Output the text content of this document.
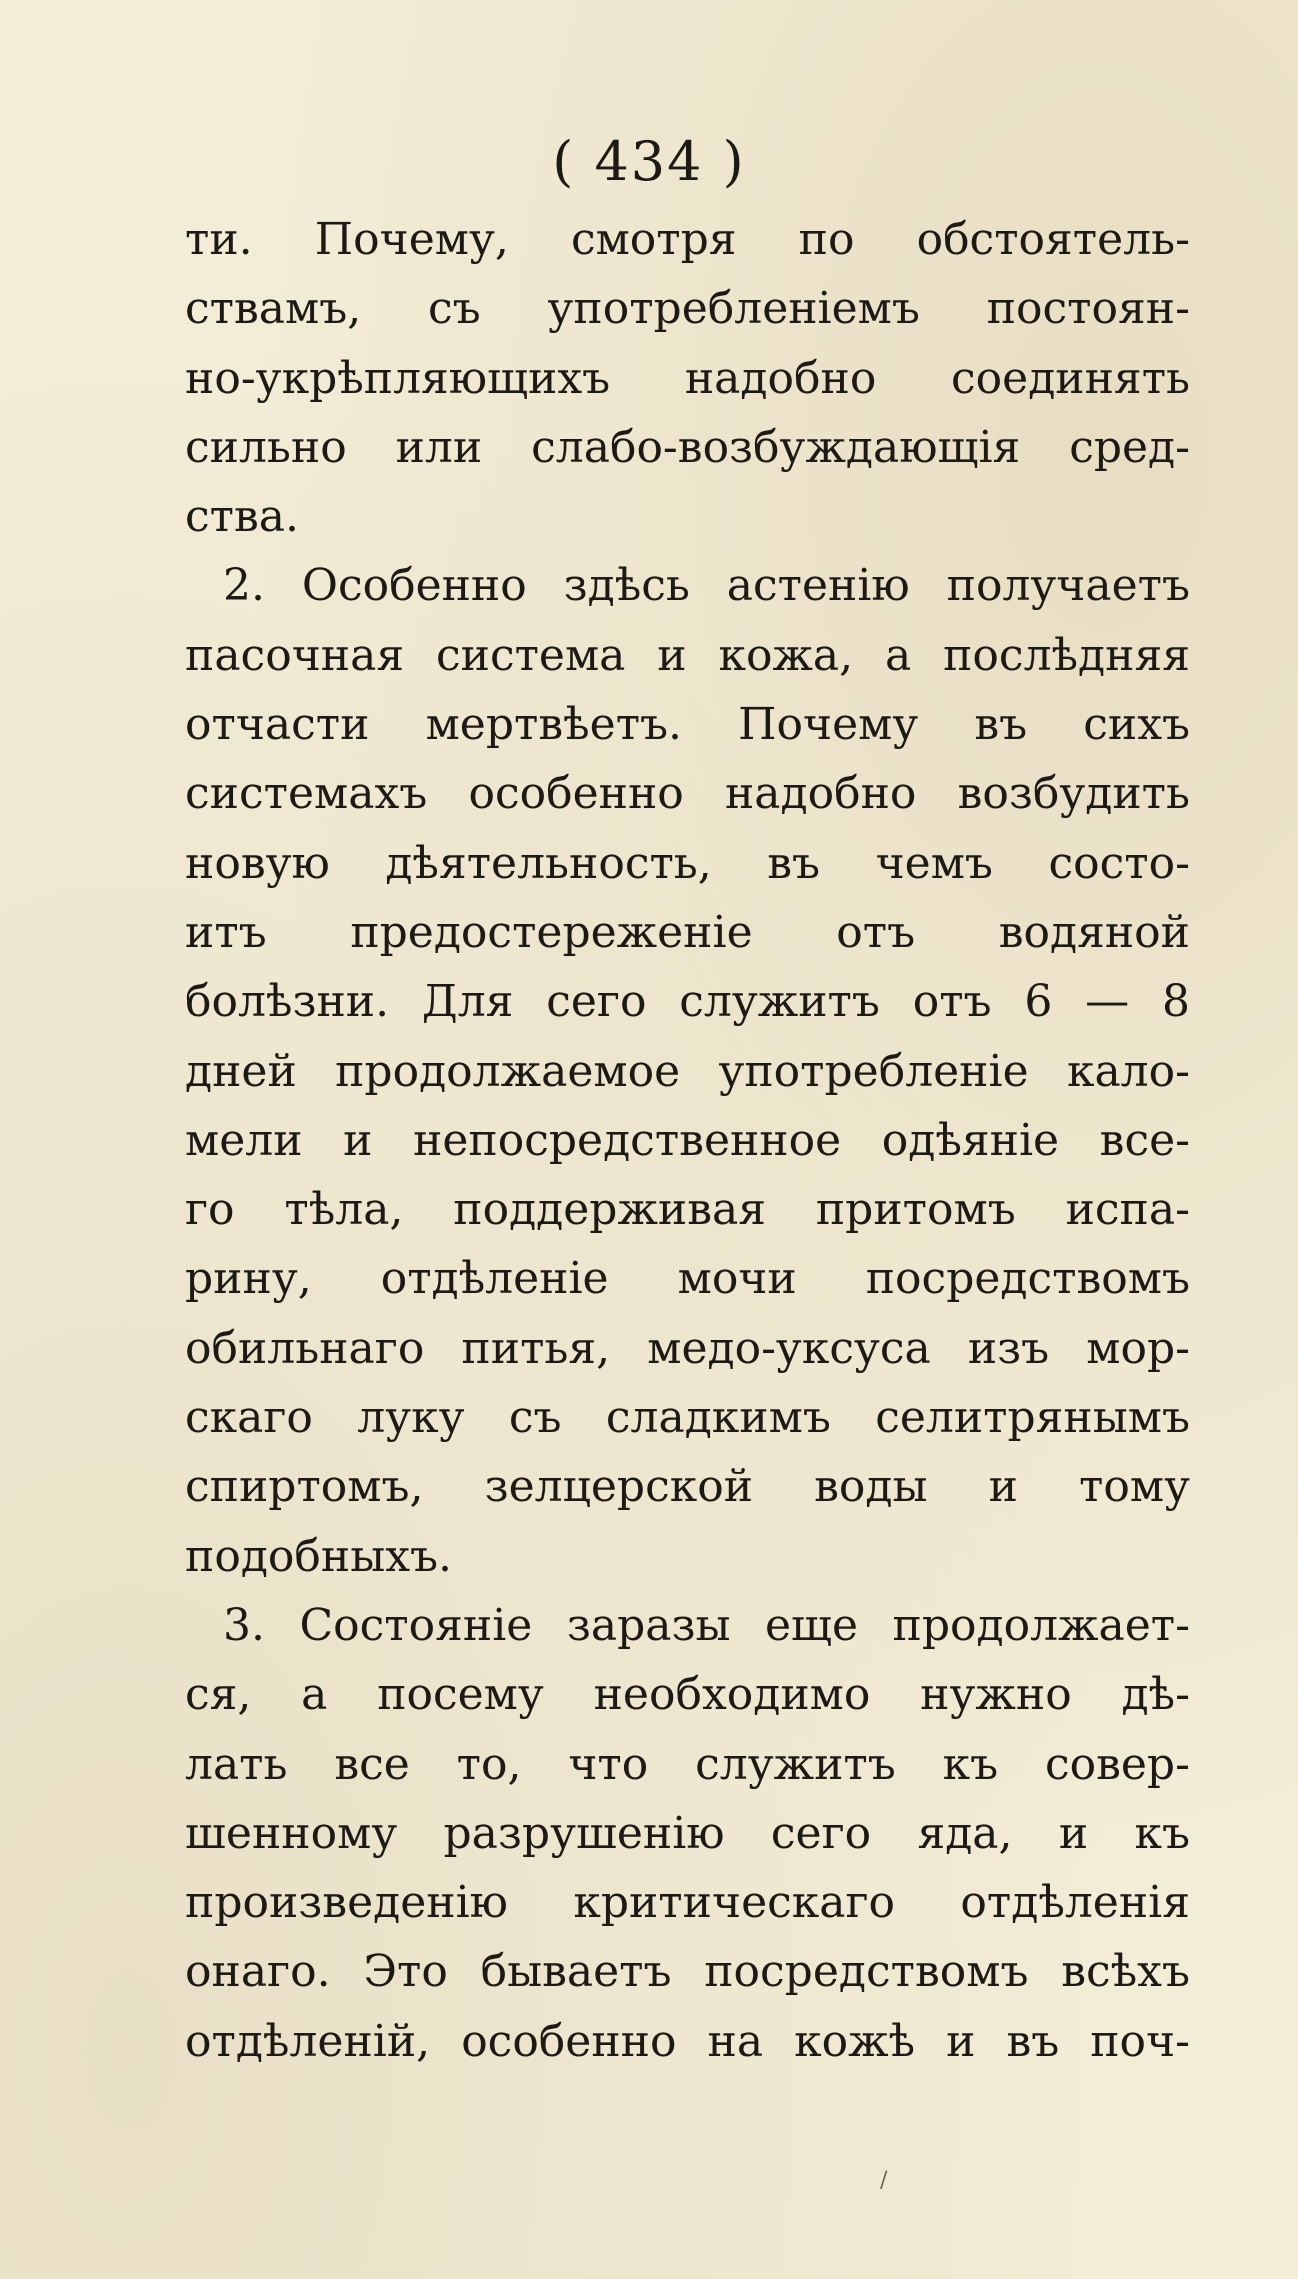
( 434 )
ти. Почему, смотря по обстоятель-
ствамъ, съ употребленіемъ постоян-
но-укрѣпляющихъ надобно соединять
сильно или слабо-возбуждающія сред-
ства.
2. Особенно здѣсь астенію получаетъ
пасочная система и кожа, а послѣдняя
отчасти мертвѣетъ. Почему въ сихъ
системахъ особенно надобно возбудить
новую дѣятельность, въ чемъ состо-
итъ предостереженіе отъ водяной
болѣзни. Для сего служитъ отъ 6 — 8
дней продолжаемое употребленіе кало-
мели и непосредственное одѣяніе все-
го тѣла, поддерживая притомъ испа-
рину, отдѣленіе мочи посредствомъ
обильнаго питья, медо-уксуса изъ мор-
скаго луку съ сладкимъ селитрянымъ
спиртомъ, зелцерской воды и тому
подобныхъ.
3. Состояніе заразы еще продолжает-
ся, а посему необходимо нужно дѣ-
лать все то, что служитъ къ совер-
шенному разрушенію сего яда, и къ
произведенію критическаго отдѣленія
онаго. Это бываетъ посредствомъ всѣхъ
отдѣленій, особенно на кожѣ и въ поч-
/
